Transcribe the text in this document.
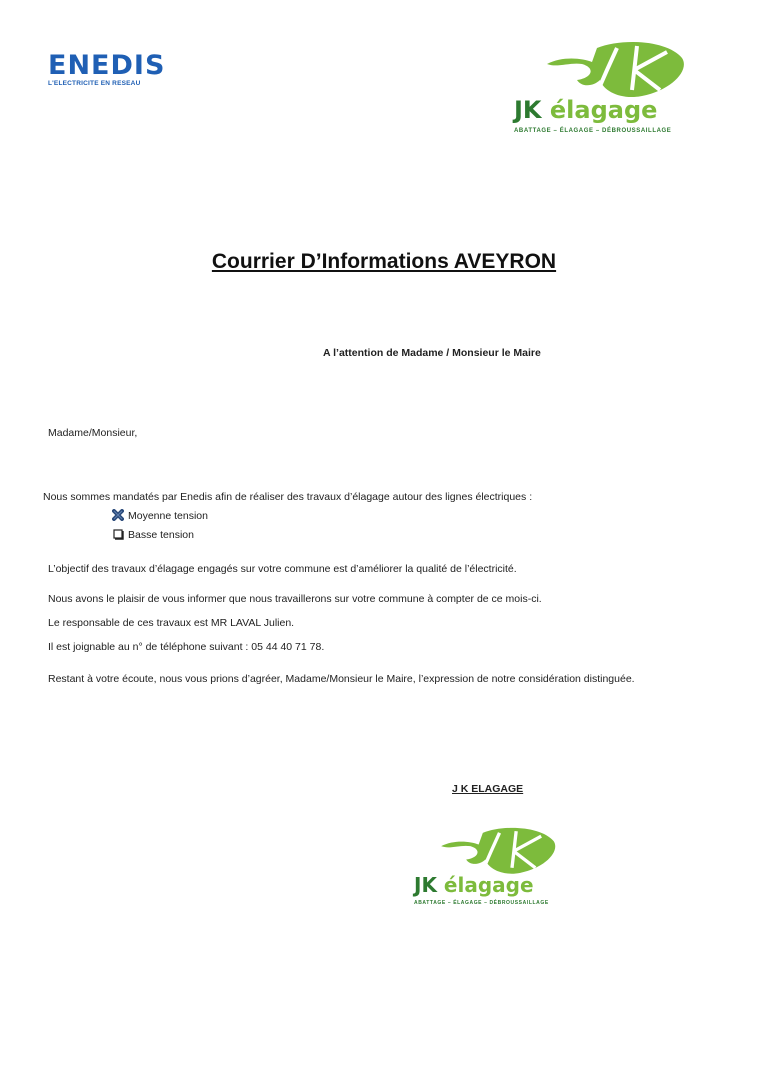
ENEDIS
L'ELECTRICITE EN RESEAU
JK élagage
ABATTAGE – ÉLAGAGE – DÉBROUSSAILLAGE
Courrier D’Informations AVEYRON
A l’attention de Madame / Monsieur le Maire
Madame/Monsieur,
Nous sommes mandatés par Enedis afin de réaliser des travaux d’élagage autour des lignes électriques :
Moyenne tension
Basse tension
L’objectif des travaux d’élagage engagés sur votre commune est d’améliorer la qualité de l’électricité.
Nous avons le plaisir de vous informer que nous travaillerons sur votre commune à compter de ce mois-ci.
Le responsable de ces travaux est MR LAVAL Julien.
Il est joignable au n° de téléphone suivant : 05 44 40 71 78.
Restant à votre écoute, nous vous prions d’agréer, Madame/Monsieur le Maire, l’expression de notre considération distinguée.
J K ELAGAGE
JK élagage
ABATTAGE – ÉLAGAGE – DÉBROUSSAILLAGE
